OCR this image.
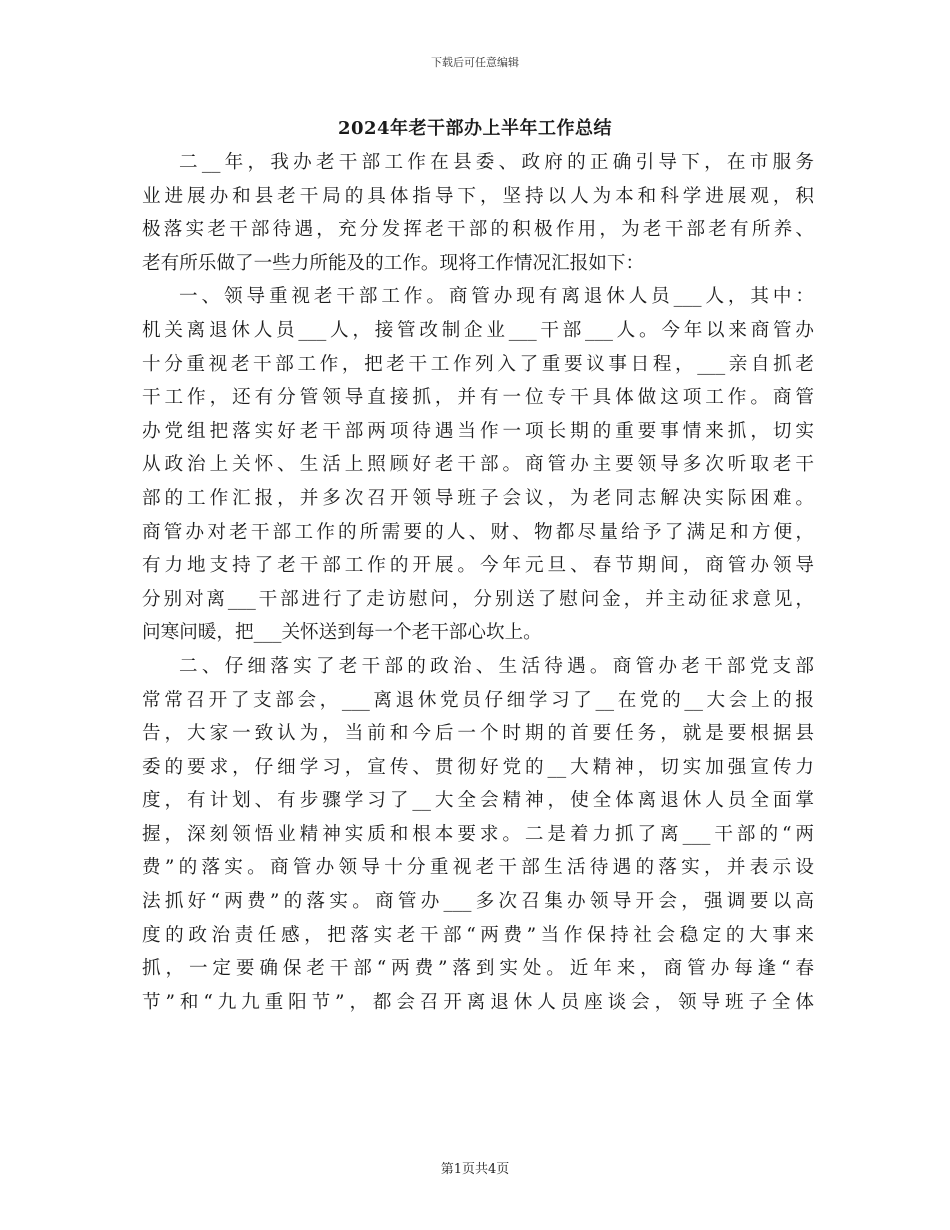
下载后可任意编辑
2024年老干部办上半年工作总结
二__年，我办老干部工作在县委、政府的正确引导下，在市服务
业进展办和县老干局的具体指导下，坚持以人为本和科学进展观，积
极落实老干部待遇，充分发挥老干部的积极作用，为老干部老有所养、
老有所乐做了一些力所能及的工作。现将工作情况汇报如下：
一、领导重视老干部工作。商管办现有离退休人员___人，其中：
机关离退休人员___人，接管改制企业___干部___人。今年以来商管办
十分重视老干部工作，把老干工作列入了重要议事日程，___亲自抓老
干工作，还有分管领导直接抓，并有一位专干具体做这项工作。商管
办党组把落实好老干部两项待遇当作一项长期的重要事情来抓，切实
从政治上关怀、生活上照顾好老干部。商管办主要领导多次听取老干
部的工作汇报，并多次召开领导班子会议，为老同志解决实际困难。
商管办对老干部工作的所需要的人、财、物都尽量给予了满足和方便，
有力地支持了老干部工作的开展。今年元旦、春节期间，商管办领导
分别对离___干部进行了走访慰问，分别送了慰问金，并主动征求意见，
问寒问暖，把___关怀送到每一个老干部心坎上。
二、仔细落实了老干部的政治、生活待遇。商管办老干部党支部
常常召开了支部会，___离退休党员仔细学习了__在党的__大会上的报
告，大家一致认为，当前和今后一个时期的首要任务，就是要根据县
委的要求，仔细学习，宣传、贯彻好党的__大精神，切实加强宣传力
度，有计划、有步骤学习了__大全会精神，使全体离退休人员全面掌
握，深刻领悟业精神实质和根本要求。二是着力抓了离___干部的“两
费”的落实。商管办领导十分重视老干部生活待遇的落实，并表示设
法抓好“两费”的落实。商管办___多次召集办领导开会，强调要以高
度的政治责任感，把落实老干部“两费”当作保持社会稳定的大事来
抓，一定要确保老干部“两费”落到实处。近年来，商管办每逢“春
节”和“九九重阳节”，都会召开离退休人员座谈会，领导班子全体
第1页共4页
